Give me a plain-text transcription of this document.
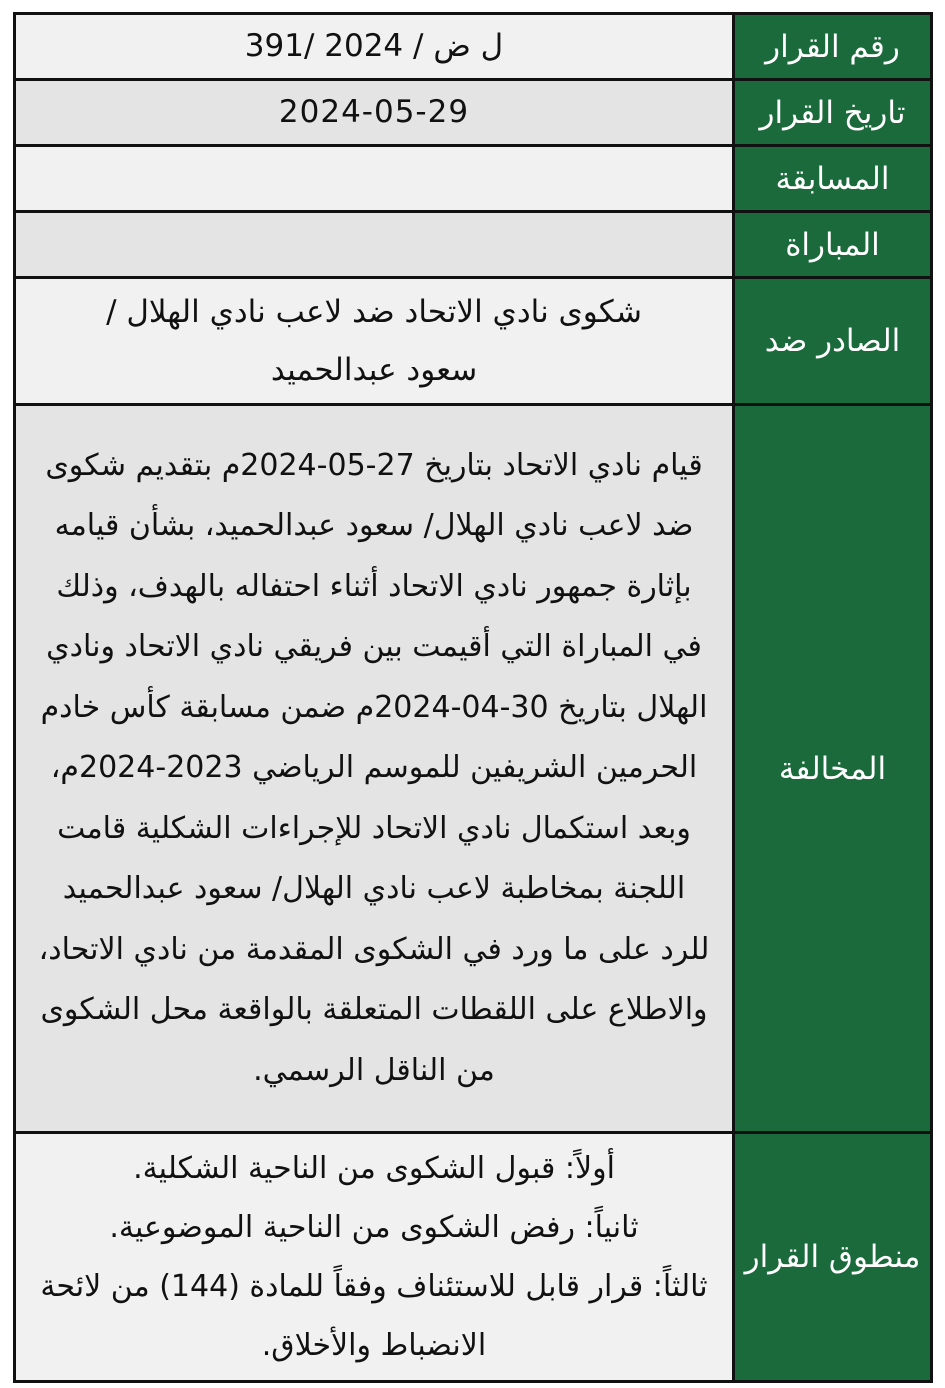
رقم القرار	391/ ل ض / 2024
تاريخ القرار	2024-05-29
المسابقة	
المباراة	
الصادر ضد	شكوى نادي الاتحاد ضد لاعب نادي الهلال /
سعود عبدالحميد

المخالفة	قيام نادي الاتحاد بتاريخ 27-05-2024م بتقديم شكوى ضد لاعب نادي الهلال/ سعود عبدالحميد، بشأن قيامه بإثارة جمهور نادي الاتحاد أثناء احتفاله بالهدف، وذلك في المباراة التي أقيمت بين فريقي نادي الاتحاد ونادي الهلال بتاريخ 30-04-2024م ضمن مسابقة كأس خادم الحرمين الشريفين للموسم الرياضي 2023-2024م، وبعد استكمال نادي الاتحاد للإجراءات الشكلية قامت اللجنة بمخاطبة لاعب نادي الهلال/ سعود عبدالحميد للرد على ما ورد في الشكوى المقدمة من نادي الاتحاد، والاطلاع على اللقطات المتعلقة بالواقعة محل الشكوى من الناقل الرسمي.
منطوق القرار	أولاً: قبول الشكوى من الناحية الشكلية.
ثانياً: رفض الشكوى من الناحية الموضوعية.
ثالثاً: قرار قابل للاستئناف وفقاً للمادة (144) من لائحة الانضباط والأخلاق.
